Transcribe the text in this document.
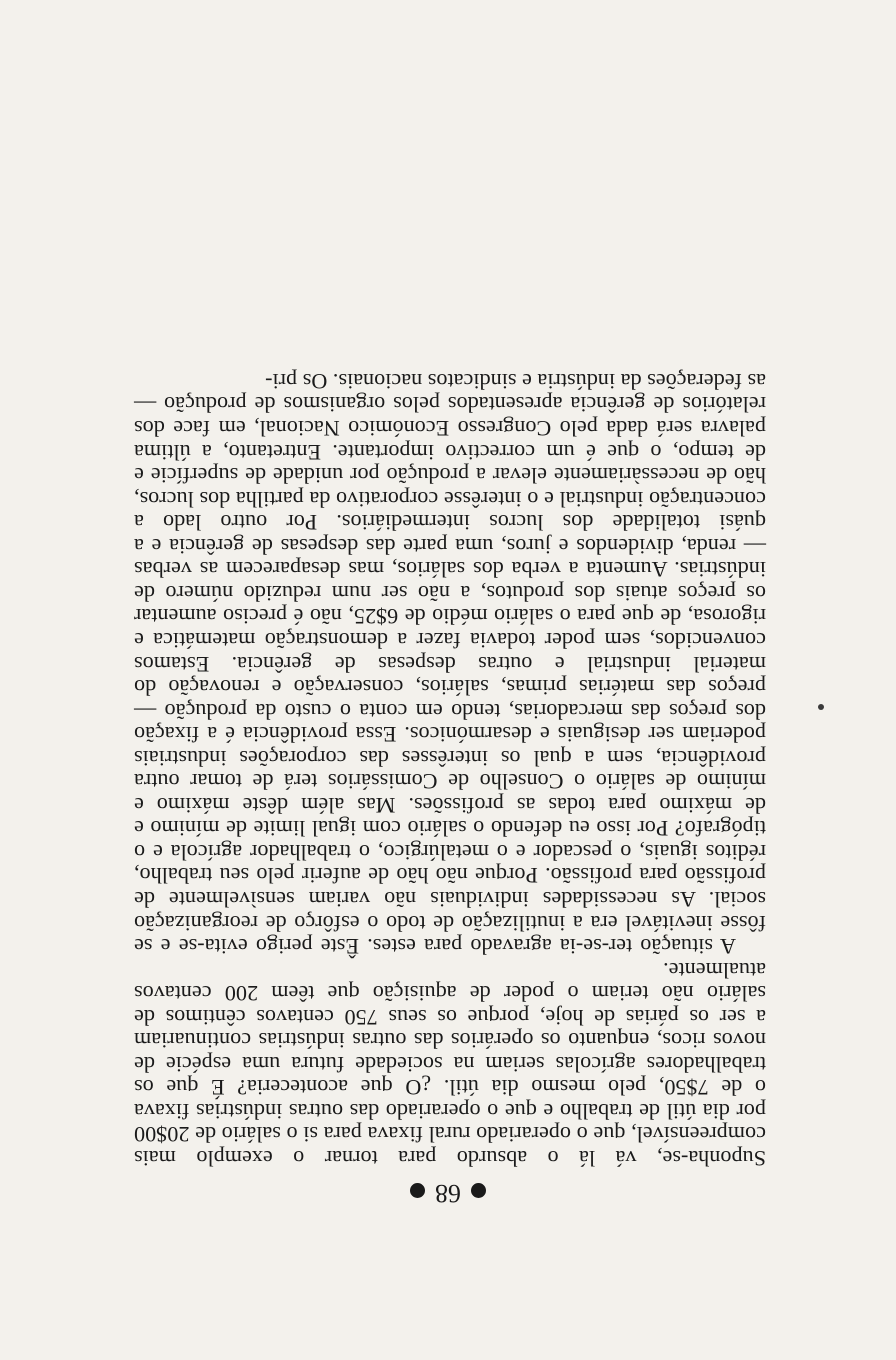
68

Suponha-se, vá lá o absurdo para tornar o exemplo mais compreensível, que o operariado rural fixava para si o salário de 20$00 por dia útil de trabalho e que o operariado das outras indústrias fixava o de 7$50, pelo mesmo dia útil. ¿O que aconteceria? É que os trabalhadores agrícolas seriam na sociedade futura uma espécie de novos ricos, enquanto os operários das outras indústrias continuariam a ser os párias de hoje, porque os seus 750 centavos cêntimos de salário não teriam o poder de aquisição que têem 200 centavos atualmente.

A situação ter-se-ia agravado para estes. Êste perigo evita-se e se fôsse inevitável era a inutilização de todo o esfôrço de reorganização social. As necessidades individuais não variam sensìvelmente de profissão para profissão. Porque não hão de auferir pelo seu trabalho, réditos iguais, o pescador e o metalúrgico, o trabalhador agrícola e o tipógrafo? Por isso eu defendo o salário com igual limite de mínimo e de máximo para todas as profissões. Mas além dêste máximo e mínimo de salário o Conselho de Comissários terá de tomar outra providência, sem a qual os interêsses das corporações industriais poderiam ser desiguais e desarmónicos. Essa providência é a fixação dos preços das mercadorias, tendo em conta o custo da produção — preços das matérias primas, salários, conservação e renovação do material industrial e outras despesas de gerência. Estamos convencidos, sem poder todavia fazer a demonstração matemática e rigorosa, de que para o salário médio de 6$25, não é preciso aumentar os preços atuais dos produtos, a não ser num reduzido número de indústrias. Aumenta a verba dos salários, mas desaparecem as verbas — renda, dividendos e juros, uma parte das despesas de gerência e a quási totalidade dos lucros intermediários. Por outro lado a concentração industrial e o interêsse corporativo da partilha dos lucros, hão de necessàriamente elevar a produção por unidade de superfície e de tempo, o que é um correctivo importante. Entretanto, a última palavra será dada pelo Congresso Económico Nacional, em face dos relatórios de gerência apresentados pelos organismos de produção — as federações da indústria e sindicatos nacionais. Os pri-
